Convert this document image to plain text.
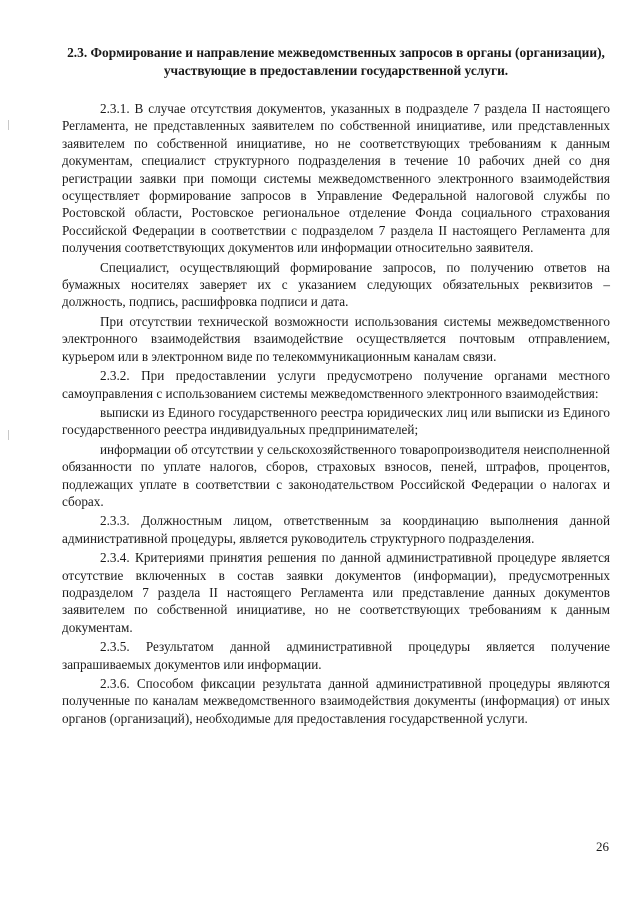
2.3. Формирование и направление межведомственных запросов в органы (организации), участвующие в предоставлении государственной услуги.

2.3.1. В случае отсутствия документов, указанных в подразделе 7 раздела II настоящего Регламента, не представленных заявителем по собственной инициативе, или представленных заявителем по собственной инициативе, но не соответствующих требованиям к данным документам, специалист структурного подразделения в течение 10 рабочих дней со дня регистрации заявки при помощи системы межведомственного электронного взаимодействия осуществляет формирование запросов в Управление Федеральной налоговой службы по Ростовской области, Ростовское региональное отделение Фонда социального страхования Российской Федерации в соответствии с подразделом 7 раздела II настоящего Регламента для получения соответствующих документов или информации относительно заявителя.

Специалист, осуществляющий формирование запросов, по получению ответов на бумажных носителях заверяет их с указанием следующих обязательных реквизитов – должность, подпись, расшифровка подписи и дата.

При отсутствии технической возможности использования системы межведомственного электронного взаимодействия взаимодействие осуществляется почтовым отправлением, курьером или в электронном виде по телекоммуникационным каналам связи.

2.3.2. При предоставлении услуги предусмотрено получение органами местного самоуправления с использованием системы межведомственного электронного взаимодействия:

выписки из Единого государственного реестра юридических лиц или выписки из Единого государственного реестра индивидуальных предпринимателей;

информации об отсутствии у сельскохозяйственного товаропроизводителя неисполненной обязанности по уплате налогов, сборов, страховых взносов, пеней, штрафов, процентов, подлежащих уплате в соответствии с законодательством Российской Федерации о налогах и сборах.

2.3.3. Должностным лицом, ответственным за координацию выполнения данной административной процедуры, является руководитель структурного подразделения.

2.3.4. Критериями принятия решения по данной административной процедуре является отсутствие включенных в состав заявки документов (информации), предусмотренных подразделом 7 раздела II настоящего Регламента или представление данных документов заявителем по собственной инициативе, но не соответствующих требованиям к данным документам.

2.3.5. Результатом данной административной процедуры является получение запрашиваемых документов или информации.

2.3.6. Способом фиксации результата данной административной процедуры являются полученные по каналам межведомственного взаимодействия документы (информация) от иных органов (организаций), необходимые для предоставления государственной услуги.

26
